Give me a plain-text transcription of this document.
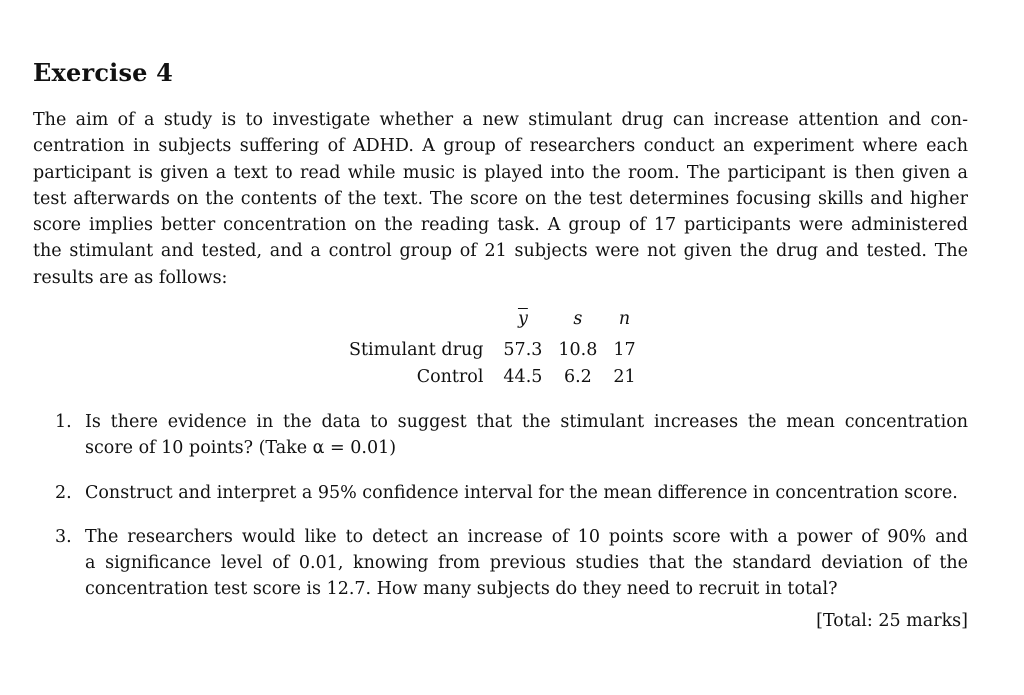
Exercise 4
The aim of a study is to investigate whether a new stimulant drug can increase attention and con-
centration in subjects suffering of ADHD. A group of researchers conduct an experiment where each
participant is given a text to read while music is played into the room. The participant is then given a
test afterwards on the contents of the text. The score on the test determines focusing skills and higher
score implies better concentration on the reading task. A group of 17 participants were administered
the stimulant and tested, and a control group of 21 subjects were not given the drug and tested. The
results are as follows:
	$\overline{y}$	s	n
Stimulant drug	57.3	10.8	17
Control	44.5	6.2	21
1. Is there evidence in the data to suggest that the stimulant increases the mean concentration
score of 10 points? (Take α = 0.01)
2. Construct and interpret a 95% confidence interval for the mean difference in concentration score.
3. The researchers would like to detect an increase of 10 points score with a power of 90% and
a significance level of 0.01, knowing from previous studies that the standard deviation of the
concentration test score is 12.7. How many subjects do they need to recruit in total?
[Total: 25 marks]
